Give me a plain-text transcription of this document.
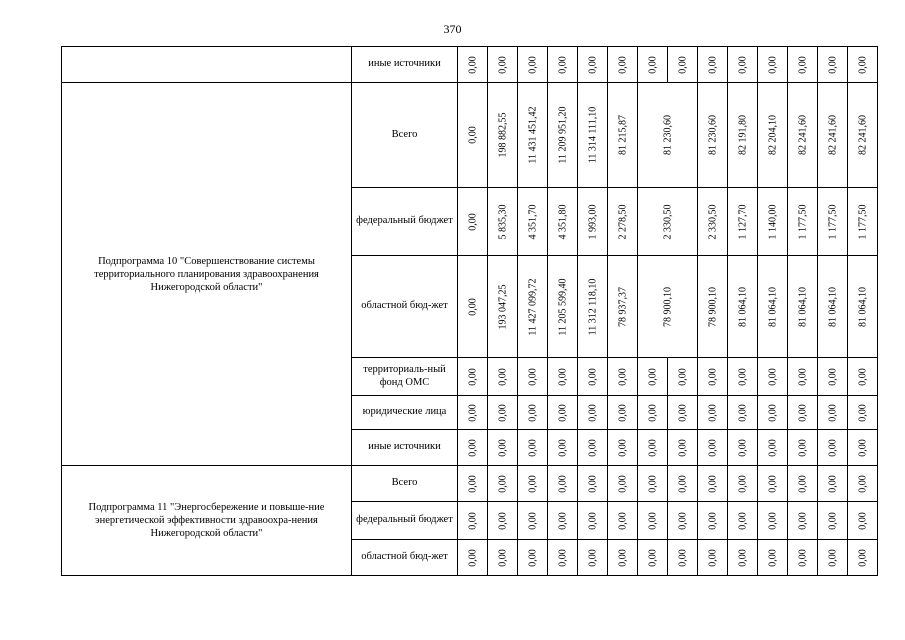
370
	иные источники	0,00	0,00	0,00	0,00	0,00	0,00	0,00	0,00	0,00	0,00	0,00	0,00	0,00	0,00

Подпрограмма 10 "Совершенствование системы территориального планирования здравоохранения Нижегородской области"	Всего	0,00	198 882,55	11 431 451,42	11 209 951,20	11 314 111,10	81 215,87	81 230,60		81 230,60	82 191,80	82 204,10	82 241,60	82 241,60	82 241,60

	федеральный бюджет	0,00	5 835,30	4 351,70	4 351,80	1 993,00	2 278,50	2 330,50		2 330,50	1 127,70	1 140,00	1 177,50	1 177,50	1 177,50

	областной бюд-жет	0,00	193 047,25	11 427 099,72	11 205 599,40	11 312 118,10	78 937,37	78 900,10		78 900,10	81 064,10	81 064,10	81 064,10	81 064,10	81 064,10

	территориаль-ный фонд ОМС	0,00	0,00	0,00	0,00	0,00	0,00	0,00	0,00	0,00	0,00	0,00	0,00	0,00	0,00

	юридические лица	0,00	0,00	0,00	0,00	0,00	0,00	0,00	0,00	0,00	0,00	0,00	0,00	0,00	0,00

	иные источники	0,00	0,00	0,00	0,00	0,00	0,00	0,00	0,00	0,00	0,00	0,00	0,00	0,00	0,00

Подпрограмма 11 "Энергосбережение и повыше-ние энергетической эффективности здравоохра-нения Нижегородской области"	Всего	0,00	0,00	0,00	0,00	0,00	0,00	0,00	0,00	0,00	0,00	0,00	0,00	0,00	0,00

	федеральный бюджет	0,00	0,00	0,00	0,00	0,00	0,00	0,00	0,00	0,00	0,00	0,00	0,00	0,00	0,00

	областной бюд-жет	0,00	0,00	0,00	0,00	0,00	0,00	0,00	0,00	0,00	0,00	0,00	0,00	0,00	0,00
